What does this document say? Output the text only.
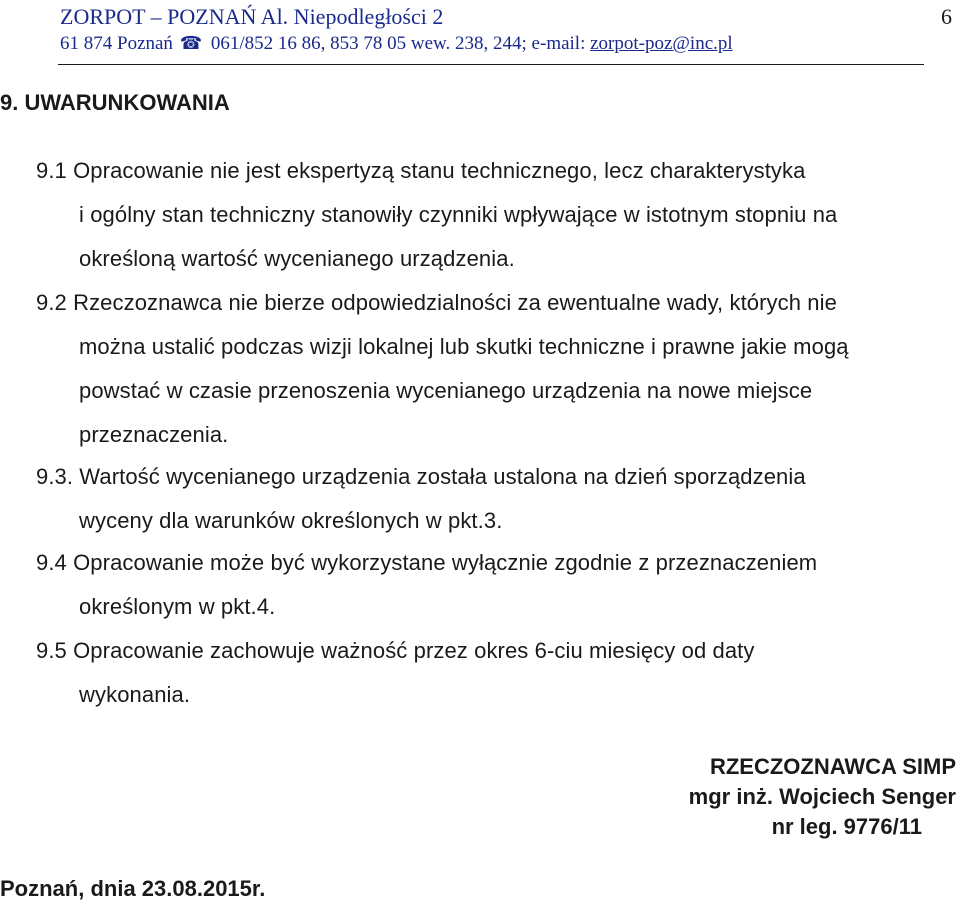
ZORPOT – POZNAŃ Al. Niepodległości 2
61 874 Poznań ☎ 061/852 16 86, 853 78 05 wew. 238, 244; e-mail: zorpot-poz@inc.pl
6
9. UWARUNKOWANIA
9.1 Opracowanie nie jest ekspertyzą stanu technicznego, lecz charakterystyka
i ogólny stan techniczny stanowiły czynniki wpływające w istotnym stopniu na
określoną wartość wycenianego urządzenia.
9.2 Rzeczoznawca nie bierze odpowiedzialności za ewentualne wady, których nie
można ustalić podczas wizji lokalnej lub skutki techniczne i prawne jakie mogą
powstać w czasie przenoszenia wycenianego urządzenia na nowe miejsce
przeznaczenia.
9.3. Wartość wycenianego urządzenia została ustalona na dzień sporządzenia
wyceny dla warunków określonych w pkt.3.
9.4 Opracowanie może być wykorzystane wyłącznie zgodnie z przeznaczeniem
określonym w pkt.4.
9.5 Opracowanie zachowuje ważność przez okres 6-ciu miesięcy od daty
wykonania.
RZECZOZNAWCA SIMP
mgr inż. Wojciech Senger
nr leg. 9776/11
Poznań, dnia 23.08.2015r.
